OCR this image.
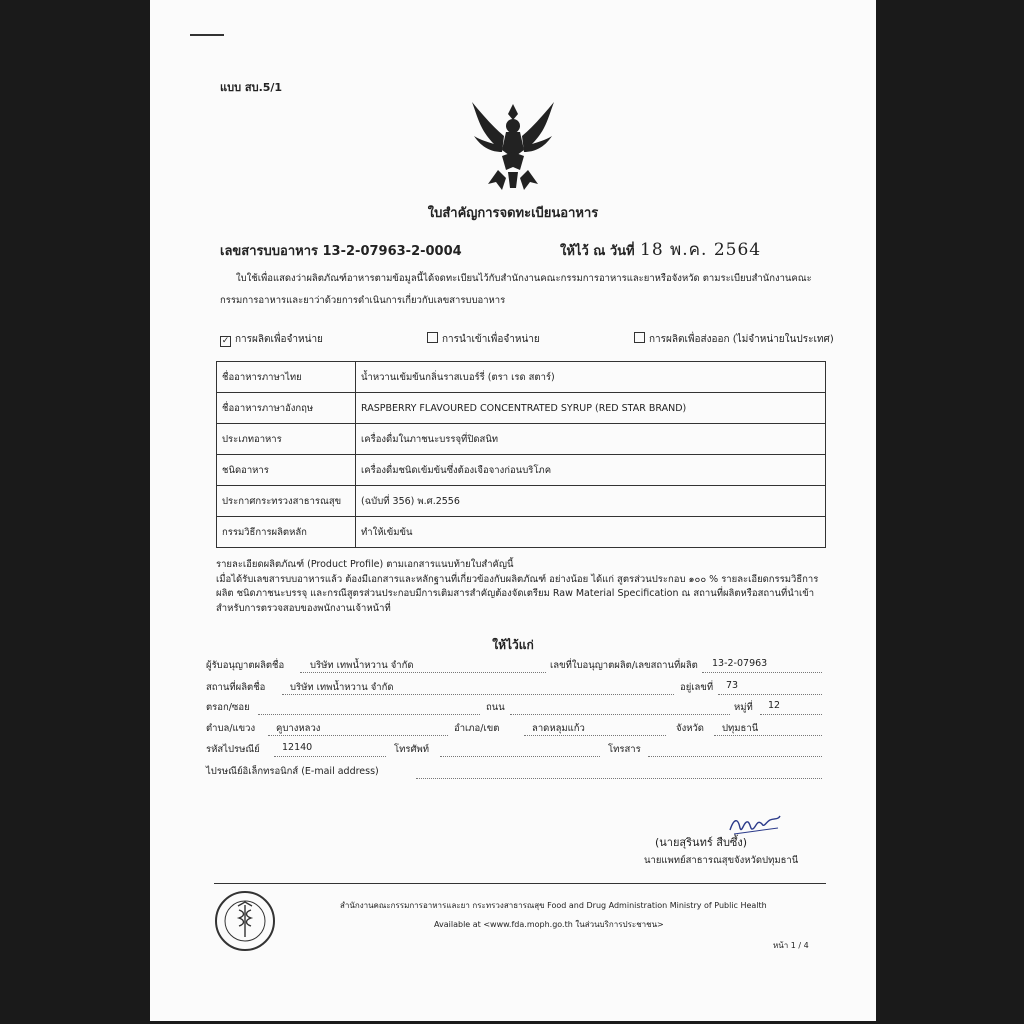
แบบ สบ.5/1
ใบสำคัญการจดทะเบียนอาหาร
เลขสารบบอาหาร 13-2-07963-2-0004	ให้ไว้ ณ วันที่ 18 พ.ค. 2564
ใบใช้เพื่อแสดงว่าผลิตภัณฑ์อาหารตามข้อมูลนี้ได้จดทะเบียนไว้กับสำนักงานคณะกรรมการอาหารและยาหรือจังหวัด ตามระเบียบสำนักงานคณะกรรมการอาหารและยาว่าด้วยการดำเนินการเกี่ยวกับเลขสารบบอาหาร
✓ การผลิตเพื่อจำหน่าย	การนำเข้าเพื่อจำหน่าย	การผลิตเพื่อส่งออก (ไม่จำหน่ายในประเทศ)
ชื่ออาหารภาษาไทย	น้ำหวานเข้มข้นกลิ่นราสเบอร์รี่ (ตรา เรด สตาร์)
ชื่ออาหารภาษาอังกฤษ	RASPBERRY FLAVOURED CONCENTRATED SYRUP (RED STAR BRAND)
ประเภทอาหาร	เครื่องดื่มในภาชนะบรรจุที่ปิดสนิท
ชนิดอาหาร	เครื่องดื่มชนิดเข้มข้นซึ่งต้องเจือจางก่อนบริโภค
ประกาศกระทรวงสาธารณสุข	(ฉบับที่ 356) พ.ศ.2556
กรรมวิธีการผลิตหลัก	ทำให้เข้มข้น
รายละเอียดผลิตภัณฑ์ (Product Profile) ตามเอกสารแนบท้ายใบสำคัญนี้
เมื่อได้รับเลขสารบบอาหารแล้ว ต้องมีเอกสารและหลักฐานที่เกี่ยวข้องกับผลิตภัณฑ์ อย่างน้อย ได้แก่ สูตรส่วนประกอบ ๑๐๐ % รายละเอียดกรรมวิธีการผลิต ชนิดภาชนะบรรจุ และกรณีสูตรส่วนประกอบมีการเติมสารสำคัญต้องจัดเตรียม Raw Material Specification ณ สถานที่ผลิตหรือสถานที่นำเข้า สำหรับการตรวจสอบของพนักงานเจ้าหน้าที่
ให้ไว้แก่
ผู้รับอนุญาตผลิตชื่อ	บริษัท เทพน้ำหวาน จำกัด	เลขที่ใบอนุญาตผลิต/เลขสถานที่ผลิต 13-2-07963
สถานที่ผลิตชื่อ	บริษัท เทพน้ำหวาน จำกัด	อยู่เลขที่ 73
ตรอก/ซอย	ถนน	หมู่ที่ 12
ตำบล/แขวง คูบางหลวง	อำเภอ/เขต	ลาดหลุมแก้ว	จังหวัด ปทุมธานี
รหัสไปรษณีย์ 12140	โทรศัพท์	โทรสาร
ไปรษณีย์อิเล็กทรอนิกส์ (E-mail address)
(นายสุรินทร์ สืบซึ้ง)
นายแพทย์สาธารณสุขจังหวัดปทุมธานี
สำนักงานคณะกรรมการอาหารและยา กระทรวงสาธารณสุข Food and Drug Administration Ministry of Public Health
Available at <www.fda.moph.go.th ในส่วนบริการประชาชน>
หน้า 1 / 4
